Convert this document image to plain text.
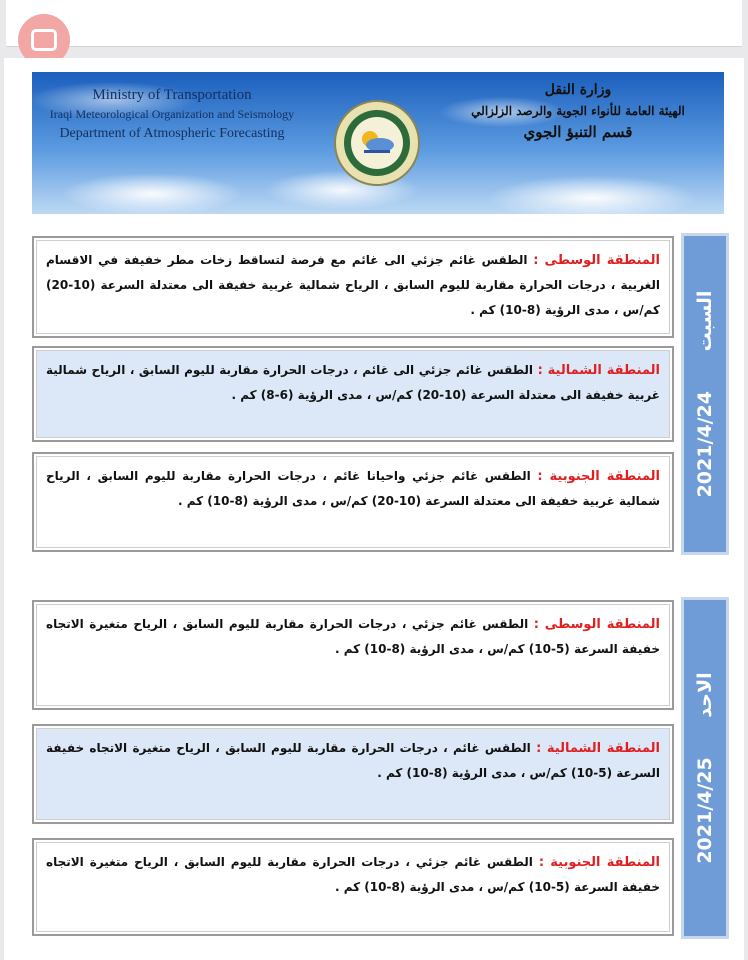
Ministry of Transportation
Iraqi Meteorological Organization and Seismology
Department of Atmospheric Forecasting
وزارة النقل
الهيئة العامة للأنواء الجوية والرصد الزلزالي
قسم التنبؤ الجوي
المنطقة الوسطى : الطقس غائم جزئي الى غائم مع فرصة لتساقط زخات مطر خفيفة في الاقسام الغربية ، درجات الحرارة مقاربة لليوم السابق ، الرياح شمالية غربية خفيفة الى معتدلة السرعة (10-20) كم/س ، مدى الرؤية (8-10) كم .
المنطقة الشمالية : الطقس غائم جزئي الى غائم ، درجات الحرارة مقاربة لليوم السابق ، الرياح شمالية غربية خفيفة الى معتدلة السرعة (10-20) كم/س ، مدى الرؤية (6-8) كم .
المنطقة الجنوبية : الطقس غائم جزئي واحيانا غائم ، درجات الحرارة مقاربة لليوم السابق ، الرياح شمالية غربية خفيفة الى معتدلة السرعة (10-20) كم/س ، مدى الرؤية (8-10) كم .
2021/4/24 السبت
المنطقة الوسطى : الطقس غائم جزئي ، درجات الحرارة مقاربة لليوم السابق ، الرياح متغيرة الاتجاه خفيفة السرعة (5-10) كم/س ، مدى الرؤية (8-10) كم .
المنطقة الشمالية : الطقس غائم ، درجات الحرارة مقاربة لليوم السابق ، الرياح متغيرة الاتجاه خفيفة السرعة (5-10) كم/س ، مدى الرؤية (8-10) كم .
المنطقة الجنوبية : الطقس غائم جزئي ، درجات الحرارة مقاربة لليوم السابق ، الرياح متغيرة الاتجاه خفيفة السرعة (5-10) كم/س ، مدى الرؤية (8-10) كم .
2021/4/25 الاحد
